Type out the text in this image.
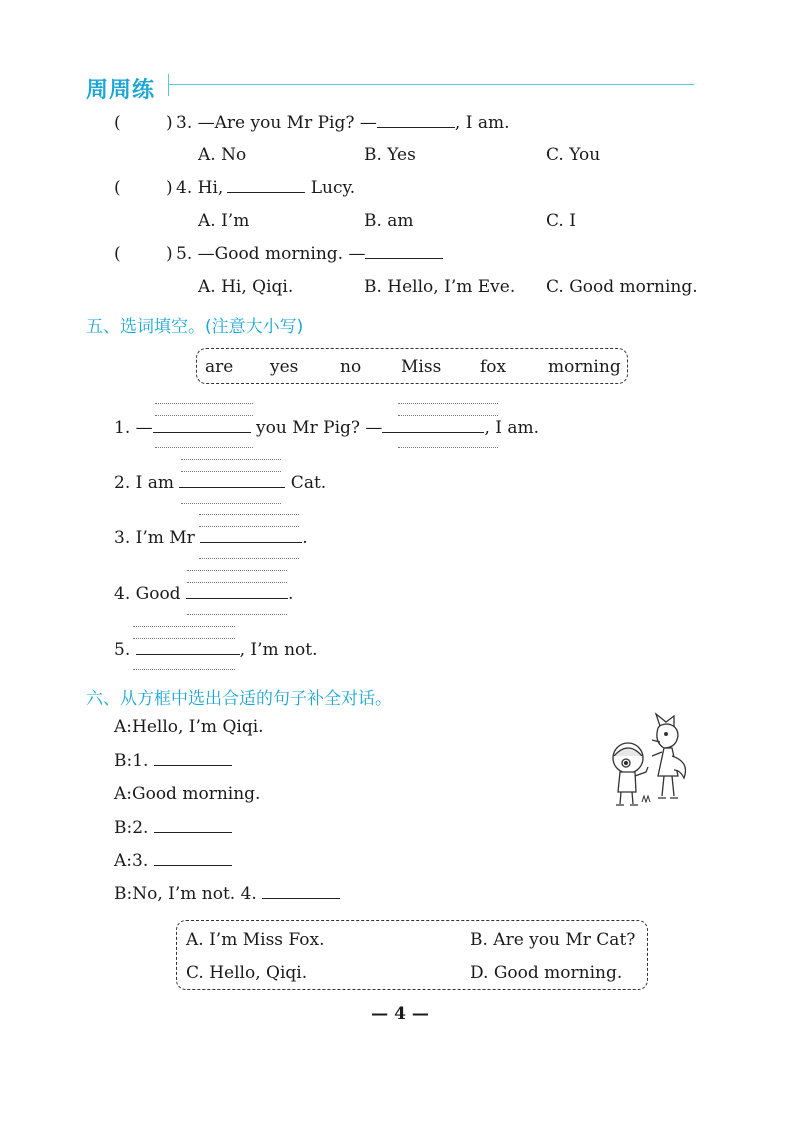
周周练
(	) 3. —Are you Mr Pig? —	, I am.
A. No	B. Yes	C. You
(	) 4. Hi,	Lucy.
A. I’m	B. am	C. I
(	) 5. —Good morning. —
A. Hi, Qiqi.	B. Hello, I’m Eve. C. Good morning.
五、选词填空。(注意大小写)
are yes no Miss fox morning
1. —	you Mr Pig? —	, I am.
2. I am	Cat.
3. I’m Mr	.
4. Good	.
5.	, I’m not.
六、从方框中选出合适的句子补全对话。
A:Hello, I’m Qiqi.
B:1.
A:Good morning.
B:2.
A:3.
B:No, I’m not. 4.
A. I’m Miss Fox.	B. Are you Mr Cat?
C. Hello, Qiqi.	D. Good morning.
— 4 —
